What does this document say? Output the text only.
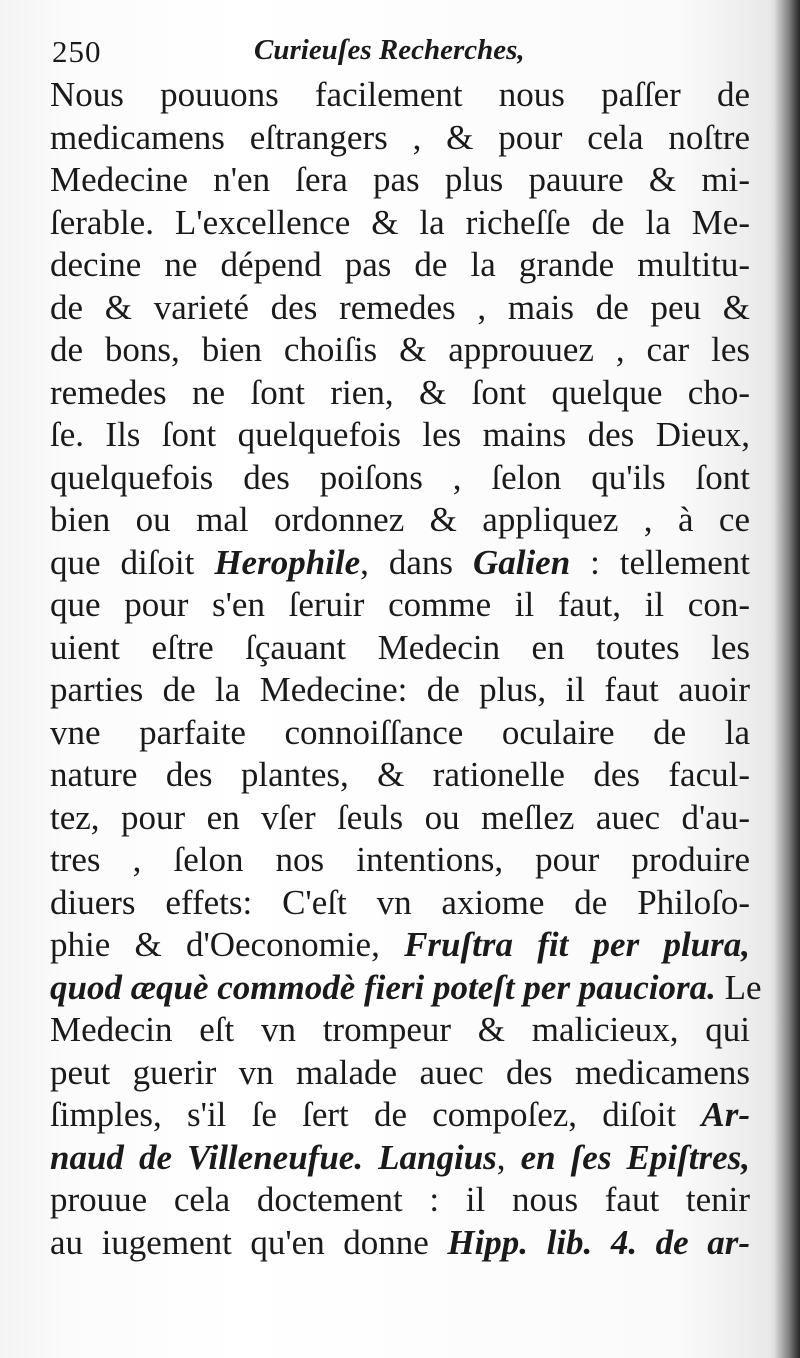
250	Curieuſes Recherches,
Nous pouuons facilement nous paſſer de
medicamens eſtrangers , & pour cela noſtre
Medecine n'en ſera pas plus pauure & mi-
ſerable. L'excellence & la richeſſe de la Me-
decine ne dépend pas de la grande multitu-
de & varieté des remedes , mais de peu &
de bons, bien choiſis & approuuez , car les
remedes ne ſont rien, & ſont quelque cho-
ſe. Ils ſont quelquefois les mains des Dieux,
quelquefois des poiſons , ſelon qu'ils ſont
bien ou mal ordonnez & appliquez , à ce
que diſoit Herophile, dans Galien : tellement
que pour s'en ſeruir comme il faut, il con-
uient eſtre ſçauant Medecin en toutes les
parties de la Medecine: de plus, il faut auoir
vne parfaite connoiſſance oculaire de la
nature des plantes, & rationelle des facul-
tez, pour en vſer ſeuls ou meſlez auec d'au-
tres , ſelon nos intentions, pour produire
diuers effets: C'eſt vn axiome de Philoſo-
phie & d'Oeconomie, Fruſtra fit per plura,
quod æquè commodè fieri poteſt per pauciora. Le
Medecin eſt vn trompeur & malicieux, qui
peut guerir vn malade auec des medicamens
ſimples, s'il ſe ſert de compoſez, diſoit Ar-
naud de Villeneufue. Langius, en ſes Epiſtres,
prouue cela doctement : il nous faut tenir
au iugement qu'en donne Hipp. lib. 4. de ar-
